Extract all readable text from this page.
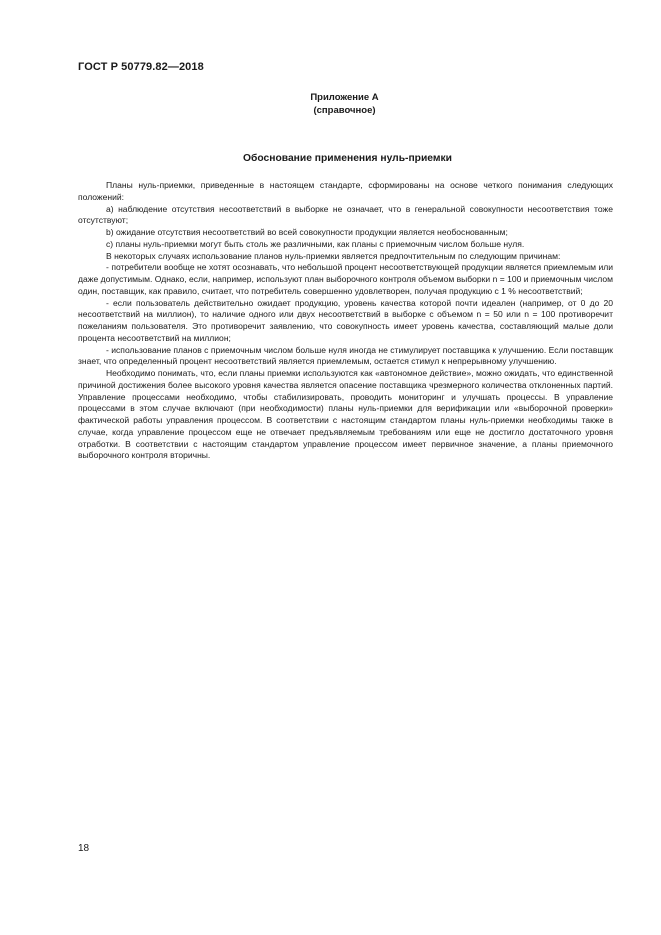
ГОСТ Р 50779.82—2018
Приложение А
(справочное)
Обоснование применения нуль-приемки

Планы нуль-приемки, приведенные в настоящем стандарте, сформированы на основе четкого понимания следующих положений:

a) наблюдение отсутствия несоответствий в выборке не означает, что в генеральной совокупности несоответствия тоже отсутствуют;

b) ожидание отсутствия несоответствий во всей совокупности продукции является необоснованным;

c) планы нуль-приемки могут быть столь же различными, как планы с приемочным числом больше нуля.

В некоторых случаях использование планов нуль-приемки является предпочтительным по следующим причинам:

- потребители вообще не хотят осознавать, что небольшой процент несоответствующей продукции является приемлемым или даже допустимым. Однако, если, например, используют план выборочного контроля объемом выборки n = 100 и приемочным числом один, поставщик, как правило, считает, что потребитель совершенно удовлетворен, получая продукцию с 1 % несоответствий;

- если пользователь действительно ожидает продукцию, уровень качества которой почти идеален (например, от 0 до 20 несоответствий на миллион), то наличие одного или двух несоответствий в выборке с объемом n = 50 или n = 100 противоречит пожеланиям пользователя. Это противоречит заявлению, что совокупность имеет уровень качества, составляющий малые доли процента несоответствий на миллион;

- использование планов с приемочным числом больше нуля иногда не стимулирует поставщика к улучшению. Если поставщик знает, что определенный процент несоответствий является приемлемым, остается стимул к непрерывному улучшению.

Необходимо понимать, что, если планы приемки используются как «автономное действие», можно ожидать, что единственной причиной достижения более высокого уровня качества является опасение поставщика чрезмерного количества отклоненных партий. Управление процессами необходимо, чтобы стабилизировать, проводить мониторинг и улучшать процессы. В управление процессами в этом случае включают (при необходимости) планы нуль-приемки для верификации или «выборочной проверки» фактической работы управления процессом. В соответствии с настоящим стандартом планы нуль-приемки необходимы также в случае, когда управление процессом еще не отвечает предъявляемым требованиям или еще не достигло достаточного уровня отработки. В соответствии с настоящим стандартом управление процессом имеет первичное значение, а планы приемочного выборочного контроля вторичны.

18
